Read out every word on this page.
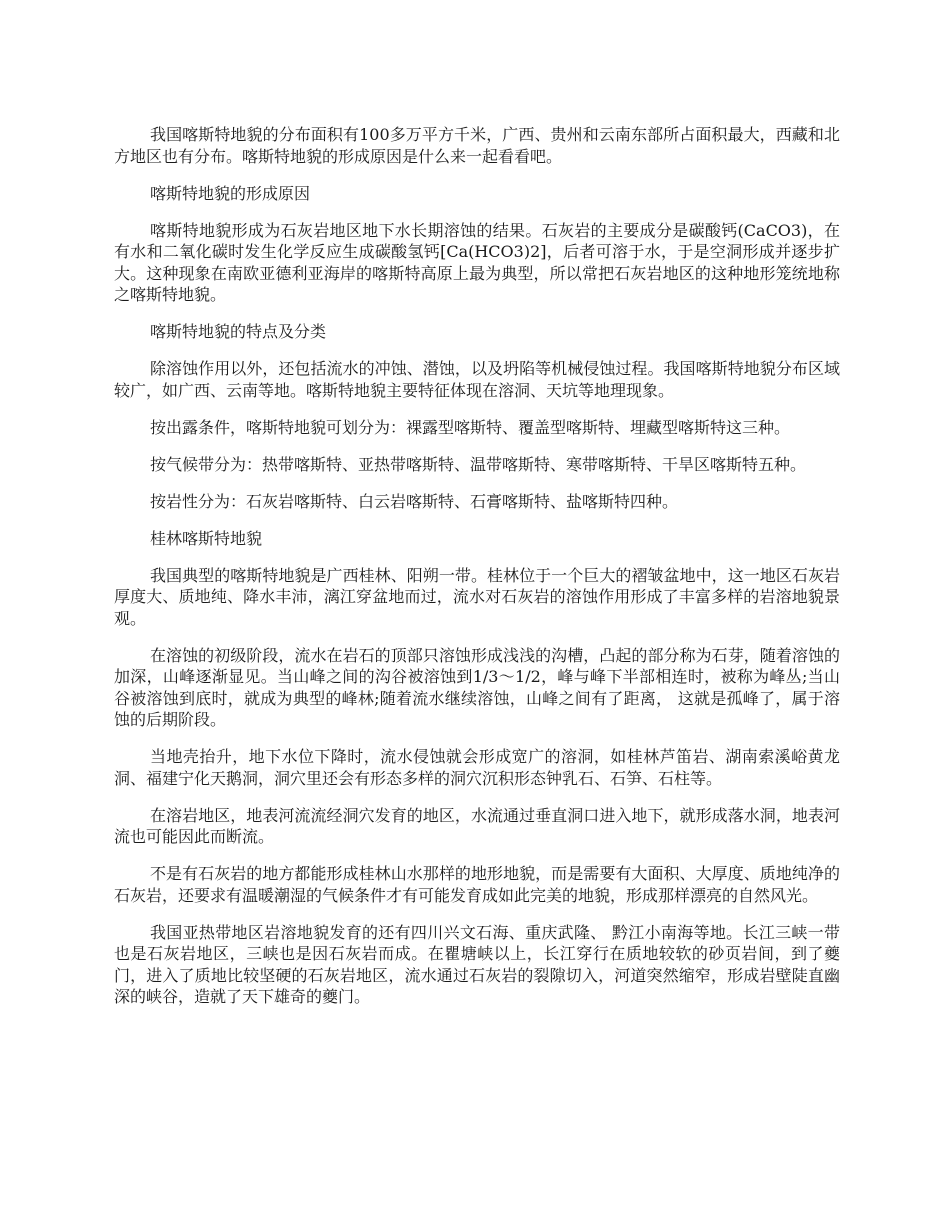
我国喀斯特地貌的分布面积有100多万平方千米，广西、贵州和云南东部所占面积最大，西藏和北方地区也有分布。喀斯特地貌的形成原因是什么来一起看看吧。

喀斯特地貌的形成原因

喀斯特地貌形成为石灰岩地区地下水长期溶蚀的结果。石灰岩的主要成分是碳酸钙(CaCO3)，在有水和二氧化碳时发生化学反应生成碳酸氢钙[Ca(HCO3)2]，后者可溶于水，于是空洞形成并逐步扩大。这种现象在南欧亚德利亚海岸的喀斯特高原上最为典型，所以常把石灰岩地区的这种地形笼统地称之喀斯特地貌。

喀斯特地貌的特点及分类

除溶蚀作用以外，还包括流水的冲蚀、潜蚀，以及坍陷等机械侵蚀过程。我国喀斯特地貌分布区域较广，如广西、云南等地。喀斯特地貌主要特征体现在溶洞、天坑等地理现象。

按出露条件，喀斯特地貌可划分为：裸露型喀斯特、覆盖型喀斯特、埋藏型喀斯特这三种。

按气候带分为：热带喀斯特、亚热带喀斯特、温带喀斯特、寒带喀斯特、干旱区喀斯特五种。

按岩性分为：石灰岩喀斯特、白云岩喀斯特、石膏喀斯特、盐喀斯特四种。

桂林喀斯特地貌

我国典型的喀斯特地貌是广西桂林、阳朔一带。桂林位于一个巨大的褶皱盆地中，这一地区石灰岩厚度大、质地纯、降水丰沛，漓江穿盆地而过，流水对石灰岩的溶蚀作用形成了丰富多样的岩溶地貌景观。

在溶蚀的初级阶段，流水在岩石的顶部只溶蚀形成浅浅的沟槽，凸起的部分称为石芽，随着溶蚀的加深，山峰逐渐显见。当山峰之间的沟谷被溶蚀到1/3～1/2，峰与峰下半部相连时，被称为峰丛;当山谷被溶蚀到底时，就成为典型的峰林;随着流水继续溶蚀，山峰之间有了距离， 这就是孤峰了，属于溶蚀的后期阶段。

当地壳抬升，地下水位下降时，流水侵蚀就会形成宽广的溶洞，如桂林芦笛岩、湖南索溪峪黄龙洞、福建宁化天鹅洞，洞穴里还会有形态多样的洞穴沉积形态钟乳石、石笋、石柱等。

在溶岩地区，地表河流流经洞穴发育的地区，水流通过垂直洞口进入地下，就形成落水洞，地表河流也可能因此而断流。

不是有石灰岩的地方都能形成桂林山水那样的地形地貌，而是需要有大面积、大厚度、质地纯净的石灰岩，还要求有温暖潮湿的气候条件才有可能发育成如此完美的地貌，形成那样漂亮的自然风光。

我国亚热带地区岩溶地貌发育的还有四川兴文石海、重庆武隆、 黔江小南海等地。长江三峡一带也是石灰岩地区，三峡也是因石灰岩而成。在瞿塘峡以上，长江穿行在质地较软的砂页岩间，到了夔门，进入了质地比较坚硬的石灰岩地区，流水通过石灰岩的裂隙切入，河道突然缩窄，形成岩壁陡直幽深的峡谷，造就了天下雄奇的夔门。
